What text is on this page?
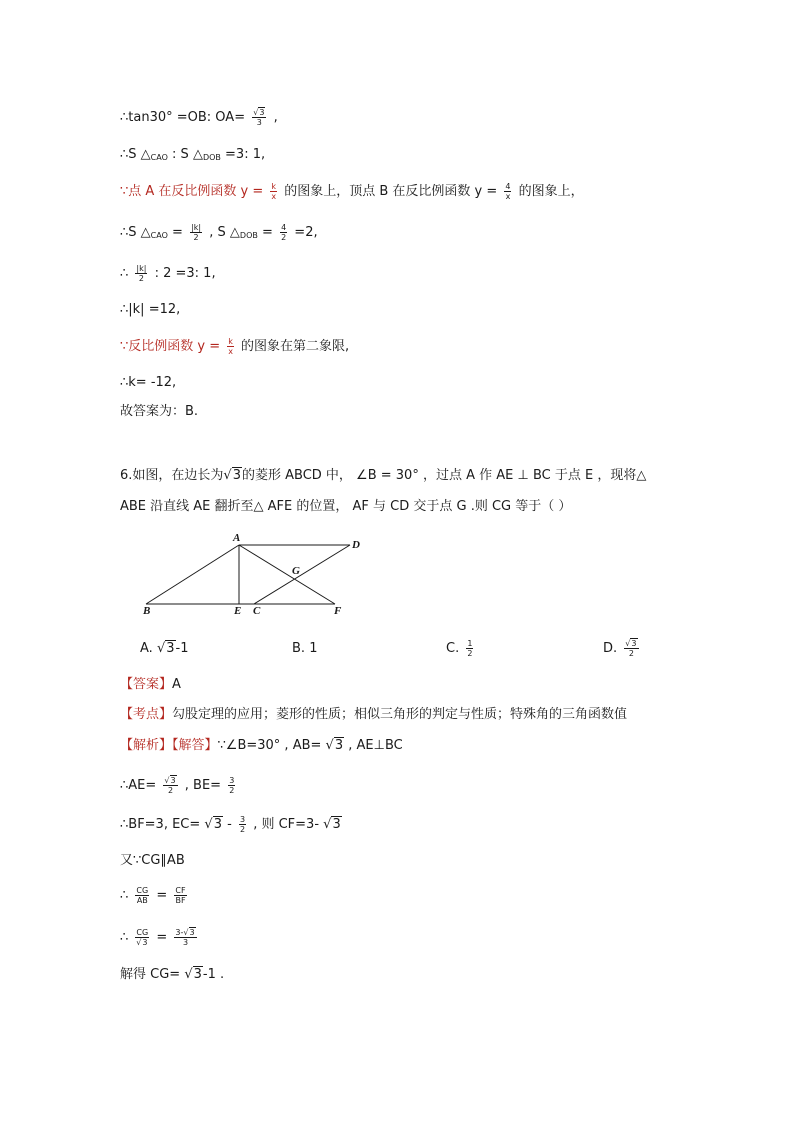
∴tan30° =OB: $OA= \frac{√3}{3}$ ,
∴S $\triangle_{CAO}$ : S $\triangle_{DOB} =3$: 1,
∵点 A 在反比例函数 $y = \frac{k}{x}$ 的图象上，顶点 B 在反比例函数 $y = \frac{4}{x}$ 的图象上，
∴S $\triangle_{CAO} = \frac{|k|}{2}$ , S $\triangle_{DOB} = \frac{4}{2} =2$,
∴ $\frac{|k|}{2}$ : 2 =3: 1,
∴|k| =12,
∵反比例函数 $y = \frac{k}{x}$ 的图象在第二象限,
∴k= -12,
故答案为：B.
6.如图，在边长为√3的菱形 ABCD 中， ∠B = 30° ，过点 A 作 AE ⊥ BC 于点 E ，现将△
ABE 沿直线 AE 翻折至△ AFE 的位置， AF 与 CD 交于点 G .则 CG 等于（ ）
A
D
G
B	E C	F
A. √3-1	B. 1	C. $\frac{1}{2}$	D. $\frac{√3}{2}$
【答案】A
【考点】勾股定理的应用；菱形的性质；相似三角形的判定与性质；特殊角的三角函数值
【解析】【解答】∵∠B=30° , AB= √3 , AE⊥BC
∴AE= $\frac{√3}{2}$ , $BE= \frac{3}{2}$
∴BF=3, $EC= √3 - \frac{3}{2}$ , 则 CF=3- √3
又∵CG∥AB
∴ $\frac{CG}{AB} = \frac{CF}{BF}$
∴ $\frac{CG}{√3} = \frac{3-√3}{3}$
解得 CG= √3-1 .
